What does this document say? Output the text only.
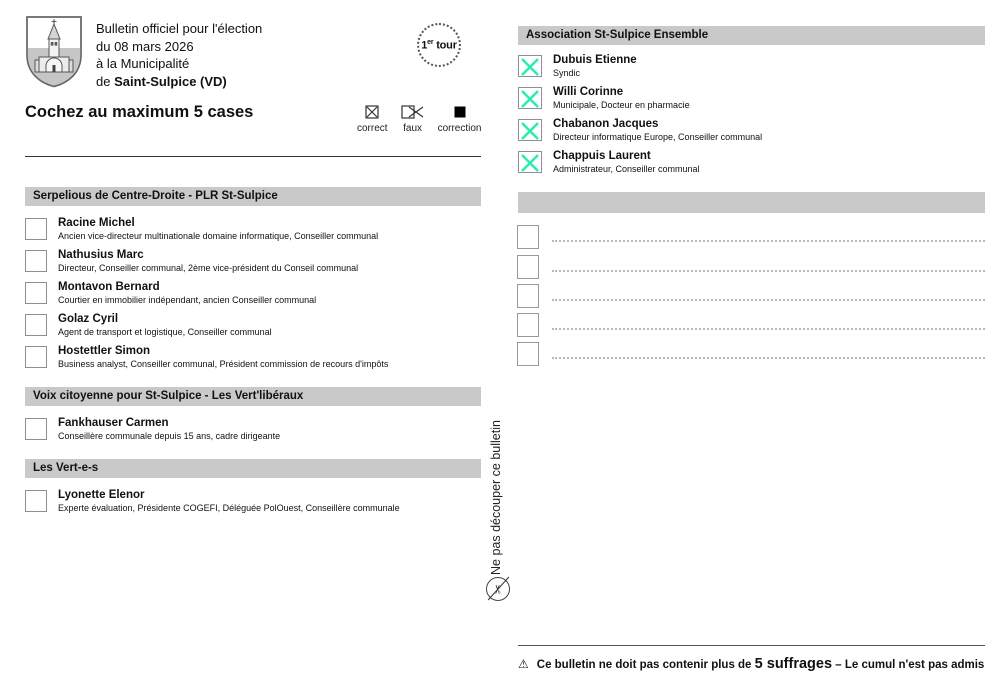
Bulletin officiel pour l'élection
du 08 mars 2026
à la Municipalité
de Saint-Sulpice (VD)
1er tour
Cochez au maximum 5 cases
correct faux correction
Serpelious de Centre-Droite - PLR St-Sulpice
Racine Michel
Ancien vice-directeur multinationale domaine informatique, Conseiller communal
Nathusius Marc
Directeur, Conseiller communal, 2ème vice-président du Conseil communal
Montavon Bernard
Courtier en immobilier indépendant, ancien Conseiller communal
Golaz Cyril
Agent de transport et logistique, Conseiller communal
Hostettler Simon
Business analyst, Conseiller communal, Président commission de recours d'impôts
Voix citoyenne pour St-Sulpice - Les Vert'libéraux
Fankhauser Carmen
Conseillère communale depuis 15 ans, cadre dirigeante
Les Vert-e-s
Lyonette Elenor
Experte évaluation, Présidente COGEFI, Déléguée PolOuest, Conseillère communale
Association St-Sulpice Ensemble
Dubuis Etienne
Syndic
Willi Corinne
Municipale, Docteur en pharmacie
Chabanon Jacques
Directeur informatique Europe, Conseiller communal
Chappuis Laurent
Administrateur, Conseiller communal
Ne pas découper ce bulletin
✂
⚠ Ce bulletin ne doit pas contenir plus de 5 suffrages – Le cumul n'est pas admis
